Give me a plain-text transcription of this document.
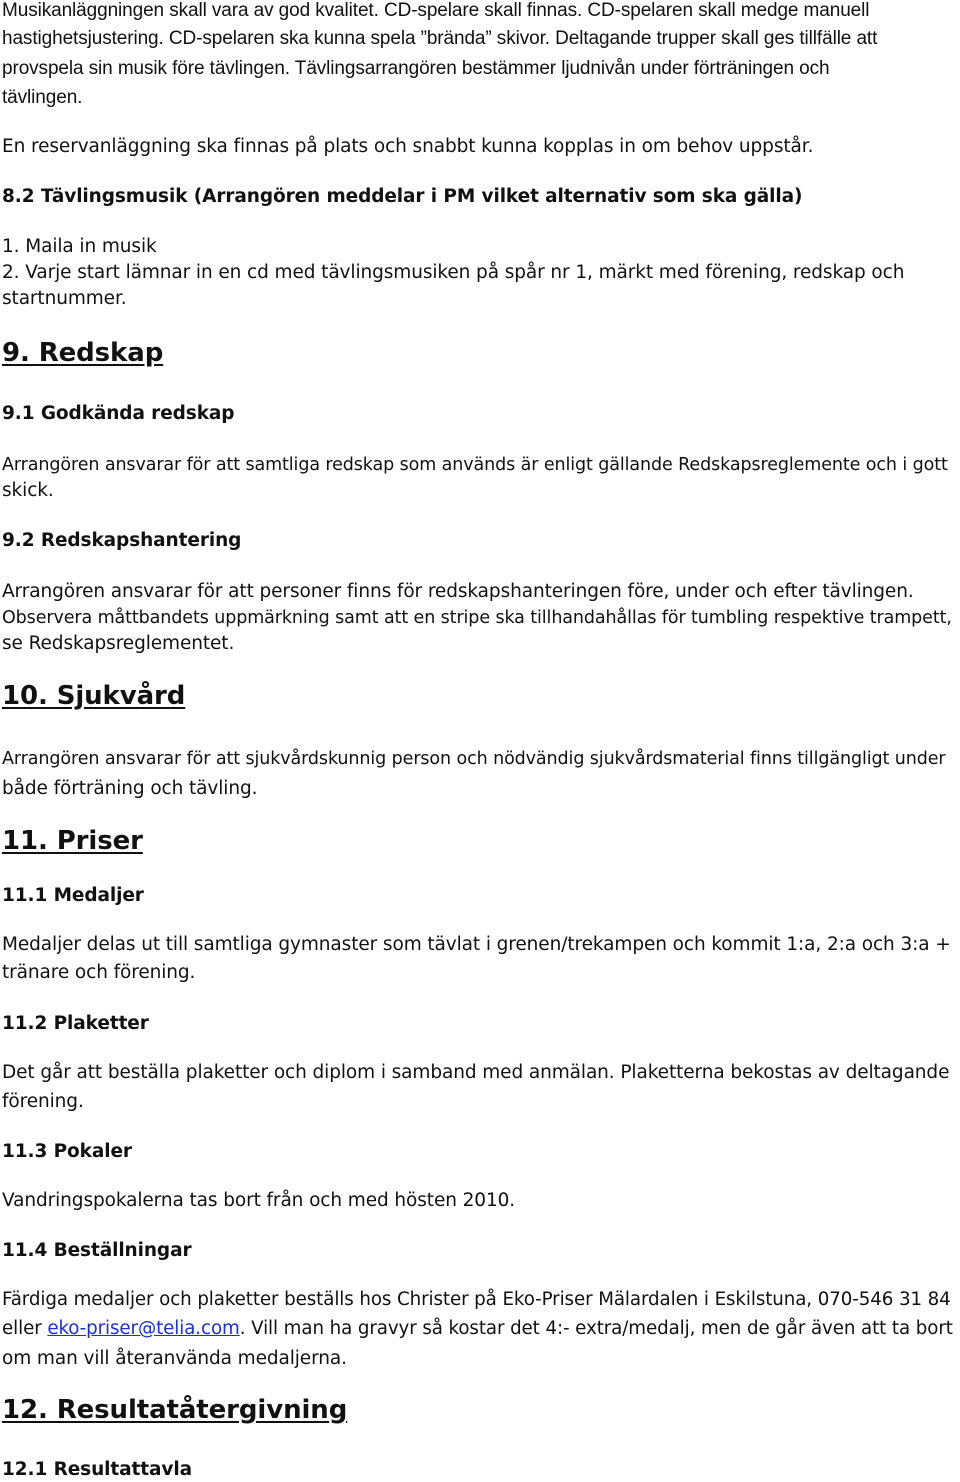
Musikanläggningen skall vara av god kvalitet. CD-spelare skall finnas. CD-spelaren skall medge manuell
hastighetsjustering. CD-spelaren ska kunna spela ”brända” skivor. Deltagande trupper skall ges tillfälle att
provspela sin musik före tävlingen. Tävlingsarrangören bestämmer ljudnivån under förträningen och
tävlingen.
En reservanläggning ska finnas på plats och snabbt kunna kopplas in om behov uppstår.
8.2 Tävlingsmusik (Arrangören meddelar i PM vilket alternativ som ska gälla)
1. Maila in musik
2. Varje start lämnar in en cd med tävlingsmusiken på spår nr 1, märkt med förening, redskap och
startnummer.
9. Redskap
9.1 Godkända redskap
Arrangören ansvarar för att samtliga redskap som används är enligt gällande Redskapsreglemente och i gott
skick.
9.2 Redskapshantering
Arrangören ansvarar för att personer finns för redskapshanteringen före, under och efter tävlingen.
Observera måttbandets uppmärkning samt att en stripe ska tillhandahållas för tumbling respektive trampett,
se Redskapsreglementet.
10. Sjukvård
Arrangören ansvarar för att sjukvårdskunnig person och nödvändig sjukvårdsmaterial finns tillgängligt under
både förträning och tävling.
11. Priser
11.1 Medaljer
Medaljer delas ut till samtliga gymnaster som tävlat i grenen/trekampen och kommit 1:a, 2:a och 3:a +
tränare och förening.
11.2 Plaketter
Det går att beställa plaketter och diplom i samband med anmälan. Plaketterna bekostas av deltagande
förening.
11.3 Pokaler
Vandringspokalerna tas bort från och med hösten 2010.
11.4 Beställningar
Färdiga medaljer och plaketter beställs hos Christer på Eko-Priser Mälardalen i Eskilstuna, 070-546 31 84
eller eko-priser@telia.com. Vill man ha gravyr så kostar det 4:- extra/medalj, men de går även att ta bort
om man vill återanvända medaljerna.
12. Resultatåtergivning
12.1 Resultattavla
